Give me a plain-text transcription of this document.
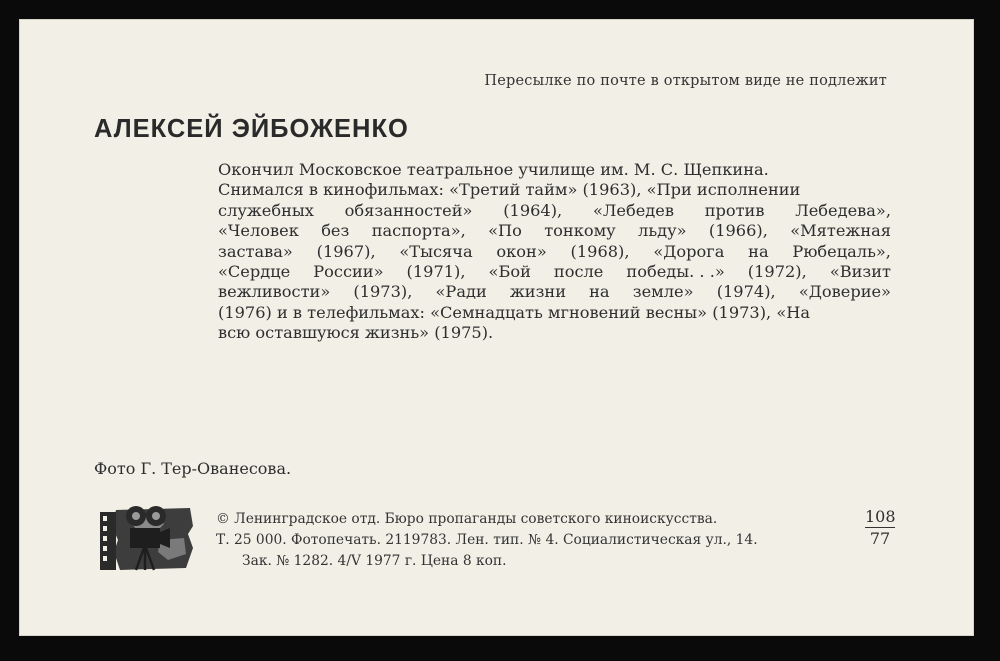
Пересылке по почте в открытом виде не подлежит
АЛЕКСЕЙ ЭЙБОЖЕНКО
Окончил Московское театральное училище им. М. С. Щепкина.
Снимался в кинофильмах: «Третий тайм» (1963), «При исполнении
служебных обязанностей» (1964), «Лебедев против Лебедева»,
«Человек без паспорта», «По тонкому льду» (1966), «Мятежная
застава» (1967), «Тысяча окон» (1968), «Дорога на Рюбецаль»,
«Сердце России» (1971), «Бой после победы. . .» (1972), «Визит
вежливости» (1973), «Ради жизни на земле» (1974), «Доверие»
(1976) и в телефильмах: «Семнадцать мгновений весны» (1973), «На
всю оставшуюся жизнь» (1975).
Фото Г. Тер-Ованесова.
© Ленинградское отд. Бюро пропаганды советского киноискусства.
Т. 25 000. Фотопечать. 2119783. Лен. тип. № 4. Социалистическая ул., 14.
Зак. № 1282. 4/V 1977 г. Цена 8 коп.
108
77
